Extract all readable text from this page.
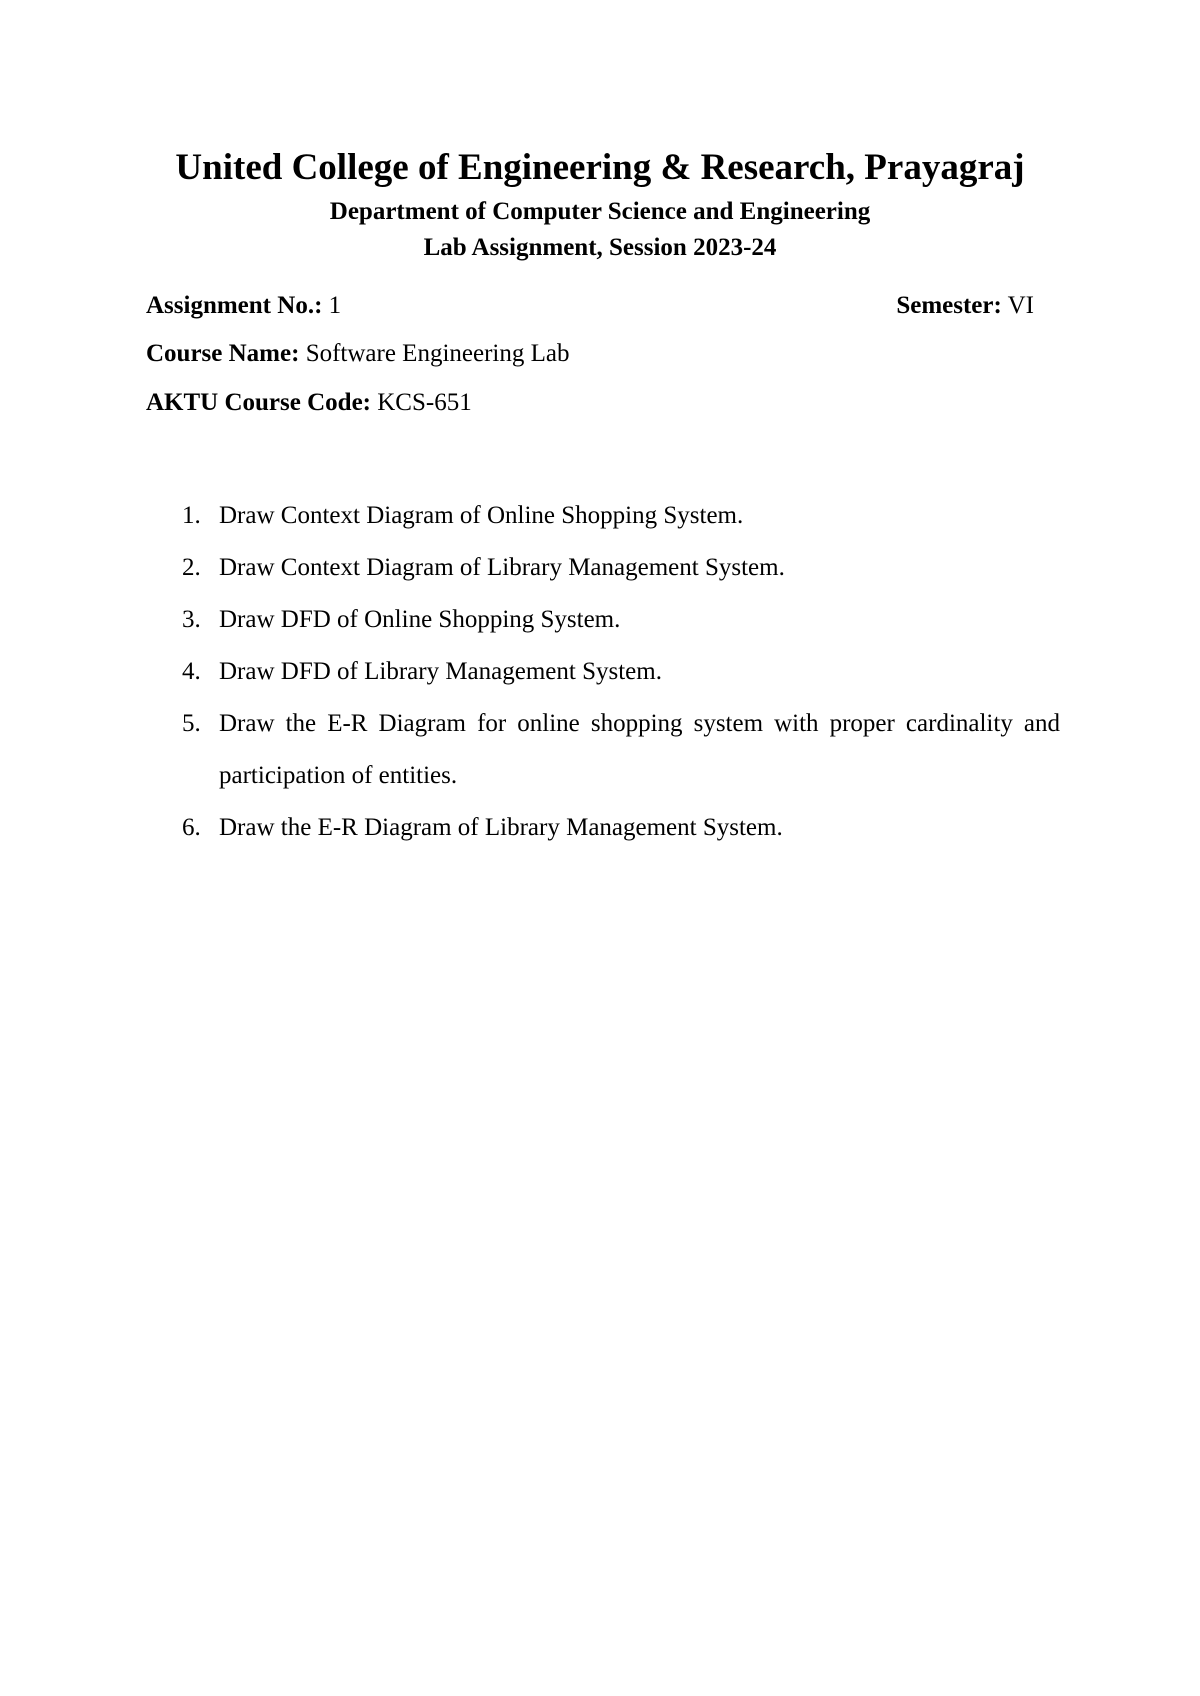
United College of Engineering & Research, Prayagraj
Department of Computer Science and Engineering
Lab Assignment, Session 2023-24
Assignment No.: 1	Semester: VI
Course Name: Software Engineering Lab
AKTU Course Code: KCS-651
1. Draw Context Diagram of Online Shopping System.
2. Draw Context Diagram of Library Management System.
3. Draw DFD of Online Shopping System.
4. Draw DFD of Library Management System.
5. Draw the E-R Diagram for online shopping system with proper cardinality and participation of entities.
6. Draw the E-R Diagram of Library Management System.
